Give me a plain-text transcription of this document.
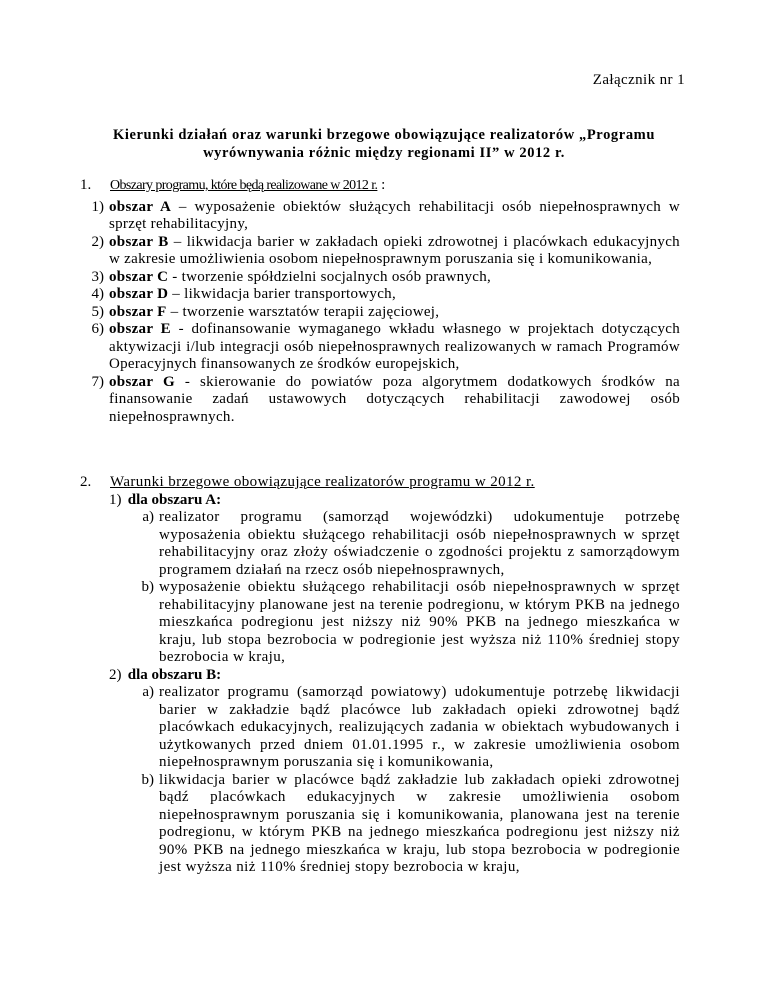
Załącznik nr 1
Kierunki działań oraz warunki brzegowe obowiązujące realizatorów „Programu wyrównywania różnic między regionami II” w 2012 r.
1.	Obszary programu, które będą realizowane w 2012 r. :
1) obszar A – wyposażenie obiektów służących rehabilitacji osób niepełnosprawnych w sprzęt rehabilitacyjny,
2) obszar B – likwidacja barier w zakładach opieki zdrowotnej i placówkach edukacyjnych w zakresie umożliwienia osobom niepełnosprawnym poruszania się i komunikowania,
3) obszar C - tworzenie spółdzielni socjalnych osób prawnych,
4) obszar D – likwidacja barier transportowych,
5) obszar F – tworzenie warsztatów terapii zajęciowej,
6) obszar E - dofinansowanie wymaganego wkładu własnego w projektach dotyczących aktywizacji i/lub integracji osób niepełnosprawnych realizowanych w ramach Programów Operacyjnych finansowanych ze środków europejskich,
7) obszar G - skierowanie do powiatów poza algorytmem dodatkowych środków na finansowanie zadań ustawowych dotyczących rehabilitacji zawodowej osób niepełnosprawnych.
2.	Warunki brzegowe obowiązujące realizatorów programu w 2012 r.
1) dla obszaru A:
a) realizator programu (samorząd wojewódzki) udokumentuje potrzebę wyposażenia obiektu służącego rehabilitacji osób niepełnosprawnych w sprzęt rehabilitacyjny oraz złoży oświadczenie o zgodności projektu z samorządowym programem działań na rzecz osób niepełnosprawnych,
b) wyposażenie obiektu służącego rehabilitacji osób niepełnosprawnych w sprzęt rehabilitacyjny planowane jest na terenie podregionu, w którym PKB na jednego mieszkańca podregionu jest niższy niż 90% PKB na jednego mieszkańca w kraju, lub stopa bezrobocia w podregionie jest wyższa niż 110% średniej stopy bezrobocia w kraju,
2) dla obszaru B:
a) realizator programu (samorząd powiatowy) udokumentuje potrzebę likwidacji barier w zakładzie bądź placówce lub zakładach opieki zdrowotnej bądź placówkach edukacyjnych, realizujących zadania w obiektach wybudowanych i użytkowanych przed dniem 01.01.1995 r., w zakresie umożliwienia osobom niepełnosprawnym poruszania się i komunikowania,
b) likwidacja barier w placówce bądź zakładzie lub zakładach opieki zdrowotnej bądź placówkach edukacyjnych w zakresie umożliwienia osobom niepełnosprawnym poruszania się i komunikowania, planowana jest na terenie podregionu, w którym PKB na jednego mieszkańca podregionu jest niższy niż 90% PKB na jednego mieszkańca w kraju, lub stopa bezrobocia w podregionie jest wyższa niż 110% średniej stopy bezrobocia w kraju,
